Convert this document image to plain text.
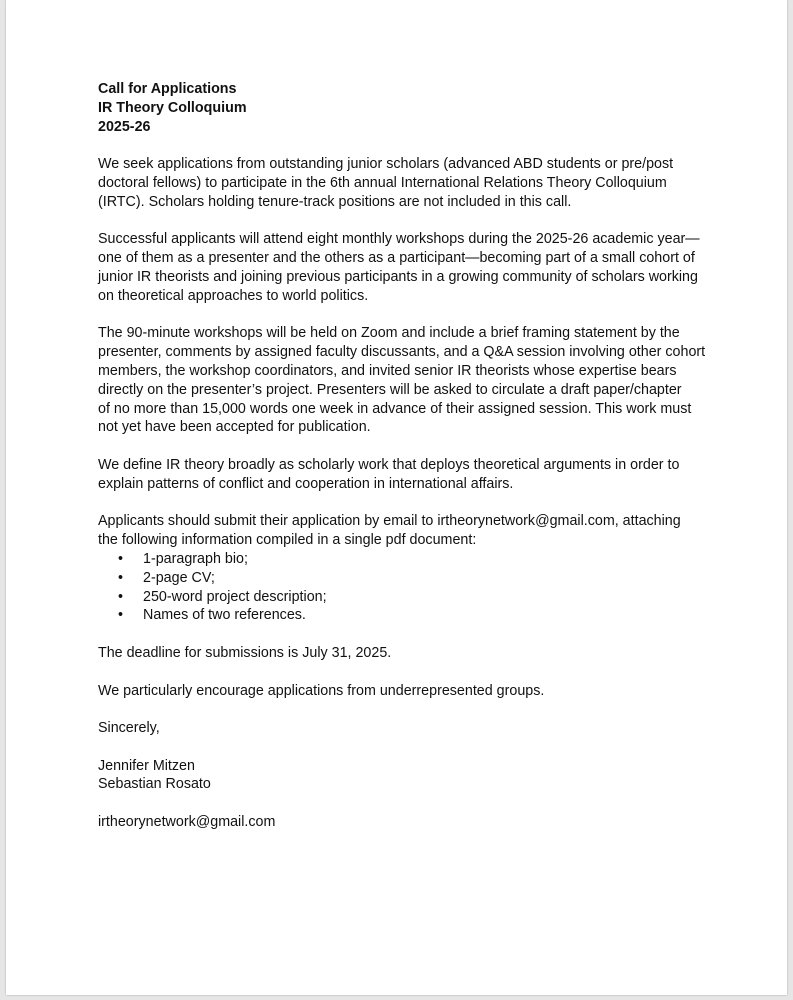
Call for Applications
IR Theory Colloquium
2025-26

We seek applications from outstanding junior scholars (advanced ABD students or pre/post
doctoral fellows) to participate in the 6th annual International Relations Theory Colloquium
(IRTC). Scholars holding tenure-track positions are not included in this call.

Successful applicants will attend eight monthly workshops during the 2025-26 academic year—
one of them as a presenter and the others as a participant—becoming part of a small cohort of
junior IR theorists and joining previous participants in a growing community of scholars working
on theoretical approaches to world politics.

The 90-minute workshops will be held on Zoom and include a brief framing statement by the
presenter, comments by assigned faculty discussants, and a Q&A session involving other cohort
members, the workshop coordinators, and invited senior IR theorists whose expertise bears
directly on the presenter’s project. Presenters will be asked to circulate a draft paper/chapter
of no more than 15,000 words one week in advance of their assigned session. This work must
not yet have been accepted for publication.

We define IR theory broadly as scholarly work that deploys theoretical arguments in order to
explain patterns of conflict and cooperation in international affairs.

Applicants should submit their application by email to irtheorynetwork@gmail.com, attaching
the following information compiled in a single pdf document:

• 1-paragraph bio;
• 2-page CV;
• 250-word project description;
• Names of two references.

The deadline for submissions is July 31, 2025.

We particularly encourage applications from underrepresented groups.

Sincerely,

Jennifer Mitzen
Sebastian Rosato

irtheorynetwork@gmail.com
